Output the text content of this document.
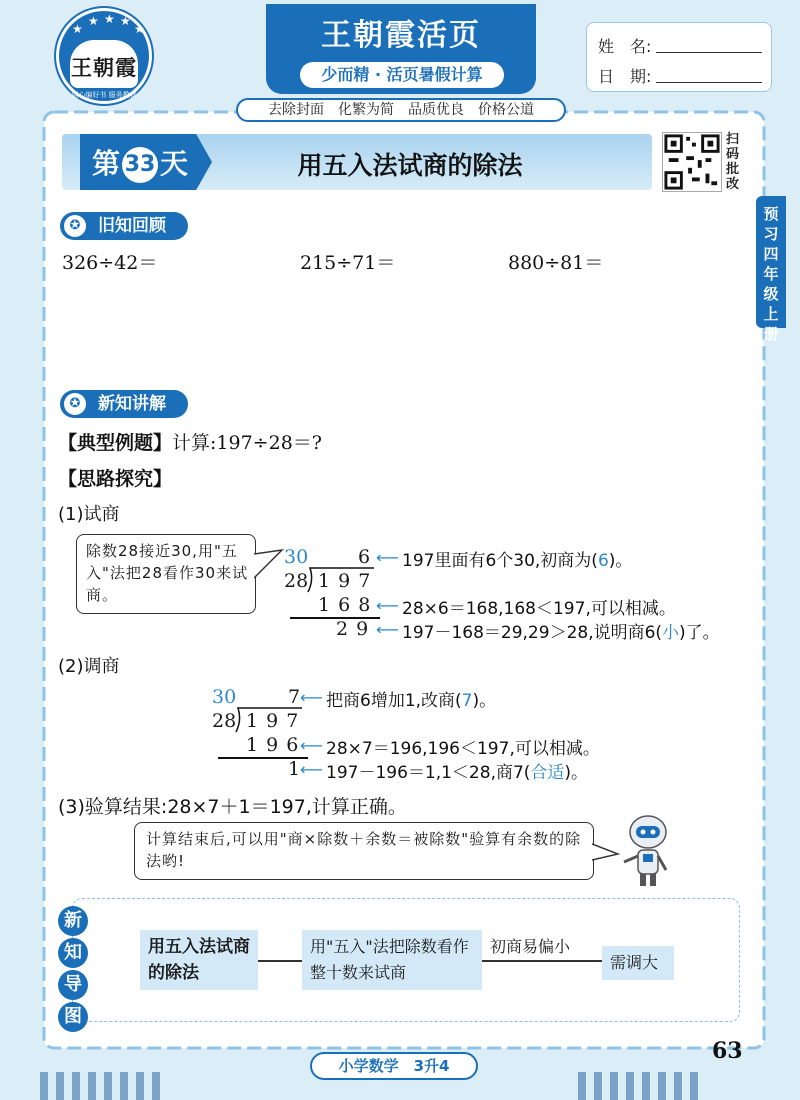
王朝霞
用心编好书 服务教育
★
★ ★ ★
★	王朝霞活页
少而精 · 活页暑假计算
去除封面　化繁为简　品质优良　价格公道
姓　名:
日　期:
第 33 天	用五入法试商的除法
扫码批改
预习四年级上册
旧知回顾
✪
326÷42＝	215÷71＝	880÷81＝
新知讲解
✪
【典型例题】计算:197÷28＝?
【思路探究】
(1)试商
除数28接近30,用"五入"法把28看作30来试商。
30	6
28 1 9 7
1 6 8
2 9
⟵ 197里面有6个30,初商为(6)。
⟵ 28×6＝168,168＜197,可以相减。
⟵ 197－168＝29,29＞28,说明商6(小)了。
(2)调商
30	7
28 1 9 7
1 9 6
1
⟵ 把商6增加1,改商(7)。
⟵ 28×7＝196,196＜197,可以相减。
⟵ 197－196＝1,1＜28,商7(合适)。
(3)验算结果:28×7＋1＝197,计算正确。
计算结束后,可以用"商×除数＋余数＝被除数"验算有余数的除法哟!
新
知
导
图
用五入法试商的除法
用"五入"法把除数看作整十数来试商
初商易偏小
需调大
小学数学　3升4
63
